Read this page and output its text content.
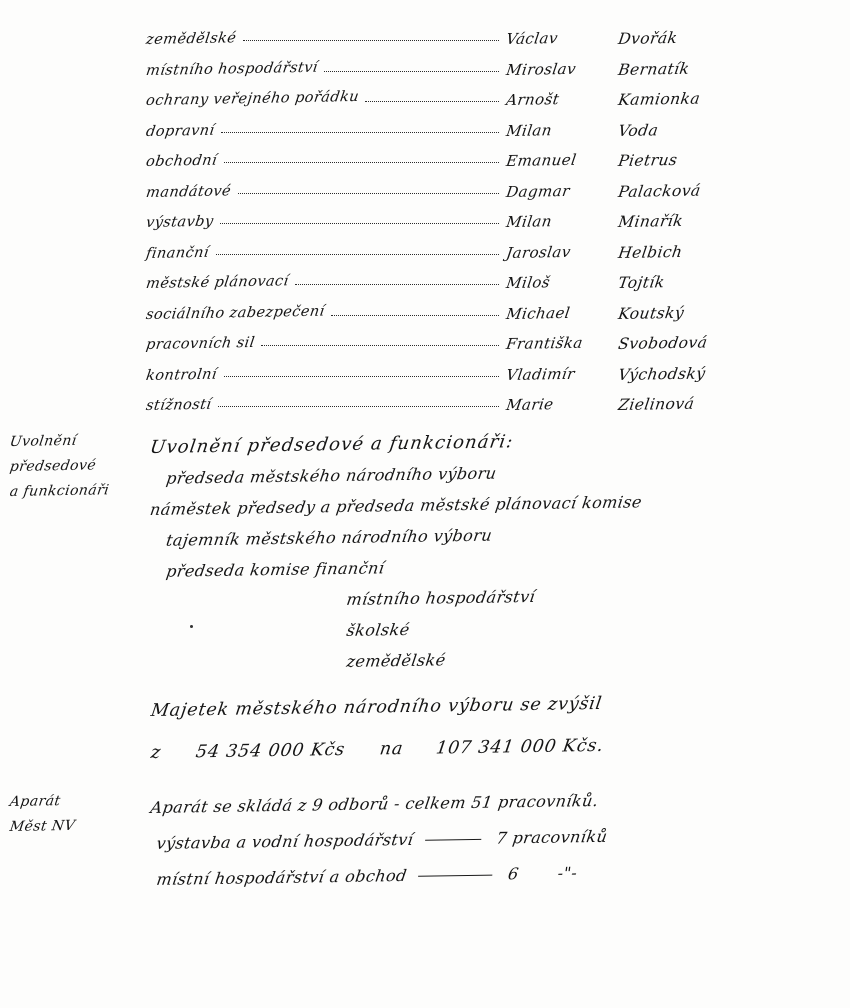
zemědělské	Václav	Dvořák
místního hospodářství	Miroslav	Bernatík
ochrany veřejného pořádku	Arnošt	Kamionka
dopravní	Milan	Voda
obchodní	Emanuel	Pietrus
mandátové	Dagmar	Palacková
výstavby	Milan	Minařík
finanční	Jaroslav	Helbich
městské plánovací	Miloš	Tojtík
sociálního zabezpečení	Michael	Koutský
pracovních sil	Františka	Svobodová
kontrolní	Vladimír	Východský
stížností	Marie	Zielinová
Uvolnění
předsedové
a funkcionáři
Uvolnění předsedové a funkcionáři:
předseda městského národního výboru
náměstek předsedy a předseda městské plánovací komise
tajemník městského národního výboru
předseda komise finanční
místního hospodářství
školské
zemědělské
Majetek městského národního výboru se zvýšil
z 54 354 000 Kčs na 107 341 000 Kčs.
Aparát
Měst NV
Aparát se skládá z 9 odborů - celkem 51 pracovníků.
výstavba a vodní hospodářství	7 pracovníků
místní hospodářství a obchod	6 -"-
